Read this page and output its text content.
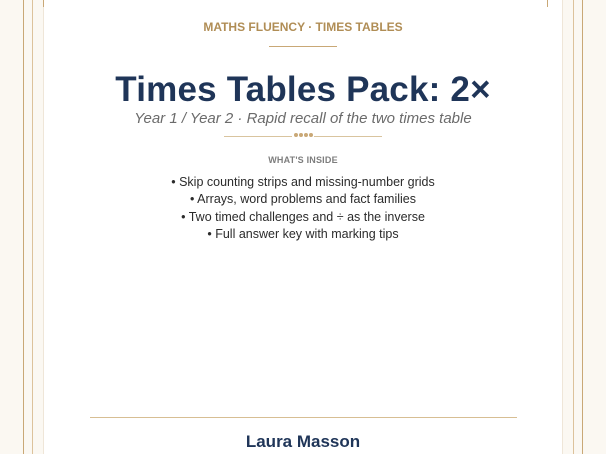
MATHS FLUENCY · TIMES TABLES
Times Tables Pack: 2×
Year 1 / Year 2 · Rapid recall of the two times table
WHAT'S INSIDE
• Skip counting strips and missing-number grids
• Arrays, word problems and fact families
• Two timed challenges and ÷ as the inverse
• Full answer key with marking tips
Laura Masson
